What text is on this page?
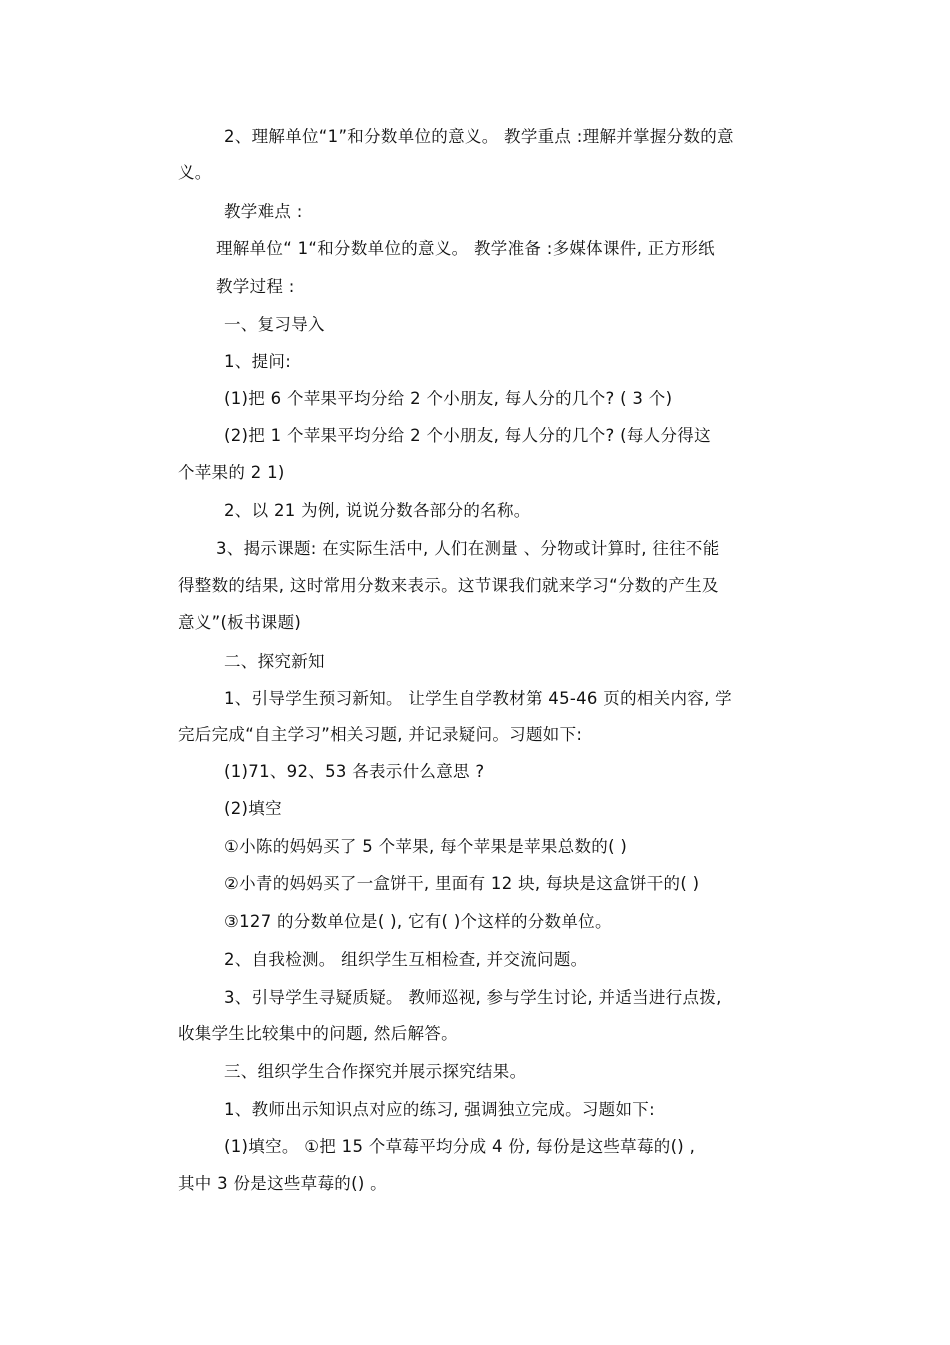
2、理解单位“1”和分数单位的意义。 教学重点 :理解并掌握分数的意
义。
教学难点 :
理解单位“ 1“和分数单位的意义。 教学准备 :多媒体课件, 正方形纸
教学过程 :
一、复习导入
1、提问:
(1)把 6 个苹果平均分给 2 个小朋友, 每人分的几个? ( 3 个)
(2)把 1 个苹果平均分给 2 个小朋友, 每人分的几个? (每人分得这
个苹果的 2 1)
2、以 21 为例, 说说分数各部分的名称。
3、揭示课题: 在实际生活中, 人们在测量 、分物或计算时, 往往不能
得整数的结果, 这时常用分数来表示。这节课我们就来学习“分数的产生及
意义”(板书课题)
二、探究新知
1、引导学生预习新知。 让学生自学教材第 45-46 页的相关内容, 学
完后完成“自主学习”相关习题, 并记录疑问。习题如下:
(1)71、92、53 各表示什么意思 ?
(2)填空
①小陈的妈妈买了 5 个苹果, 每个苹果是苹果总数的( )
②小青的妈妈买了一盒饼干, 里面有 12 块, 每块是这盒饼干的( )
③127 的分数单位是( ), 它有( )个这样的分数单位。
2、自我检测。 组织学生互相检查, 并交流问题。
3、引导学生寻疑质疑。 教师巡视, 参与学生讨论, 并适当进行点拨,
收集学生比较集中的问题, 然后解答。
三、组织学生合作探究并展示探究结果。
1、教师出示知识点对应的练习, 强调独立完成。习题如下:
(1)填空。 ①把 15 个草莓平均分成 4 份, 每份是这些草莓的() ,
其中 3 份是这些草莓的() 。
